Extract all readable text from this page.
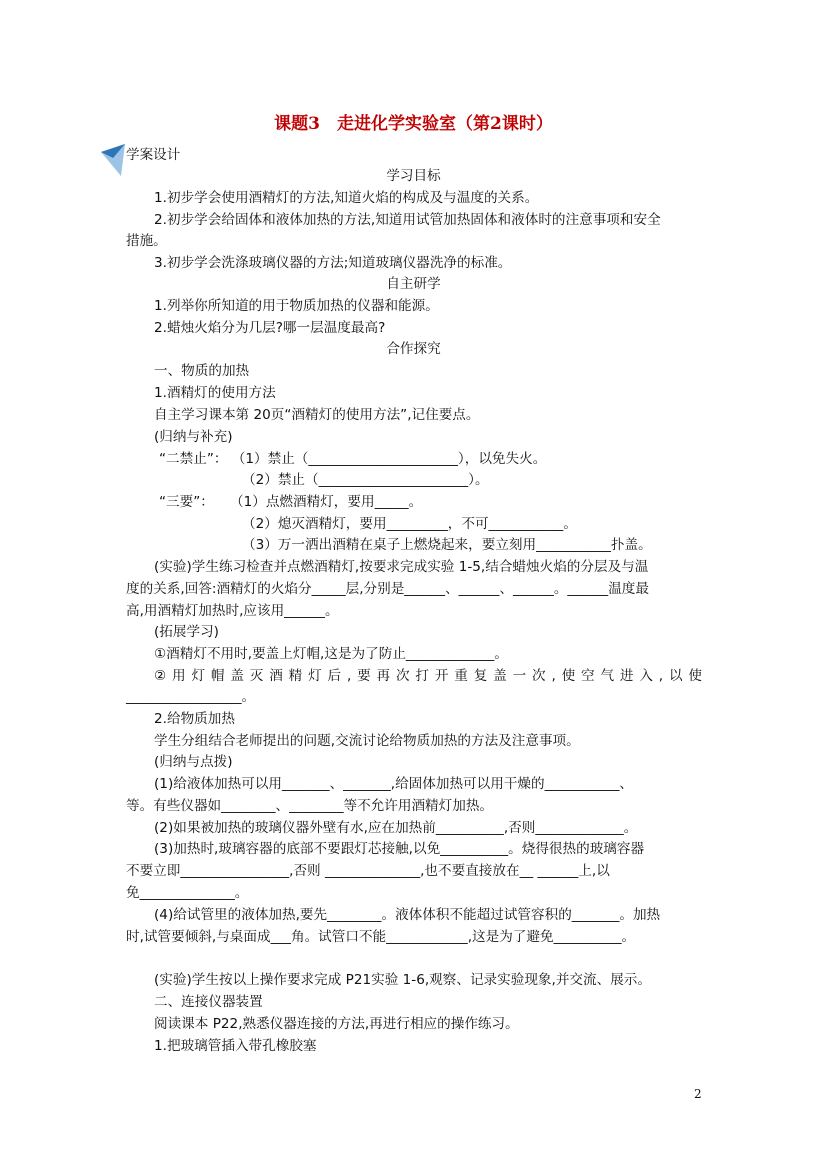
课题3　走进化学实验室（第2课时）
学案设计
学习目标
1.初步学会使用酒精灯的方法,知道火焰的构成及与温度的关系。
2.初步学会给固体和液体加热的方法,知道用试管加热固体和液体时的注意事项和安全
措施。
3.初步学会洗涤玻璃仪器的方法;知道玻璃仪器洗净的标准。
自主研学
1.列举你所知道的用于物质加热的仪器和能源。
2.蜡烛火焰分为几层?哪一层温度最高?
合作探究
一、物质的加热
1.酒精灯的使用方法
自主学习课本第 20页“酒精灯的使用方法”,记住要点。
(归纳与补充)
“二禁止”： （1）禁止（______________________），以免失火。
（2）禁止（______________________）。
“三要”： （1）点燃酒精灯，要用_____。
（2）熄灭酒精灯，要用_________，不可___________。
（3）万一洒出酒精在桌子上燃烧起来，要立刻用___________扑盖。
(实验)学生练习检查并点燃酒精灯,按要求完成实验 1-5,结合蜡烛火焰的分层及与温
度的关系,回答:酒精灯的火焰分_____层,分别是______、______、______。______温度最
高,用酒精灯加热时,应该用______。
(拓展学习)
①酒精灯不用时,要盖上灯帽,这是为了防止_____________。
②用灯帽盖灭酒精灯后,要再次打开重复盖一次,使空气进入,以使
_________________。
2.给物质加热
学生分组结合老师提出的问题,交流讨论给物质加热的方法及注意事项。
(归纳与点拨)
(1)给液体加热可以用_______、_______,给固体加热可以用干燥的___________、
等。有些仪器如________、________等不允许用酒精灯加热。
(2)如果被加热的玻璃仪器外壁有水,应在加热前__________,否则_____________。
(3)加热时,玻璃容器的底部不要跟灯芯接触,以免__________。烧得很热的玻璃容器
不要立即________________,否则 ______________,也不要直接放在__ ______上,以
免______________。
(4)给试管里的液体加热,要先________。液体体积不能超过试管容积的_______。加热
时,试管要倾斜,与桌面成___角。试管口不能____________,这是为了避免__________。
(实验)学生按以上操作要求完成 P21实验 1-6,观察、记录实验现象,并交流、展示。
二、连接仪器装置
阅读课本 P22,熟悉仪器连接的方法,再进行相应的操作练习。
1.把玻璃管插入带孔橡胶塞
2
